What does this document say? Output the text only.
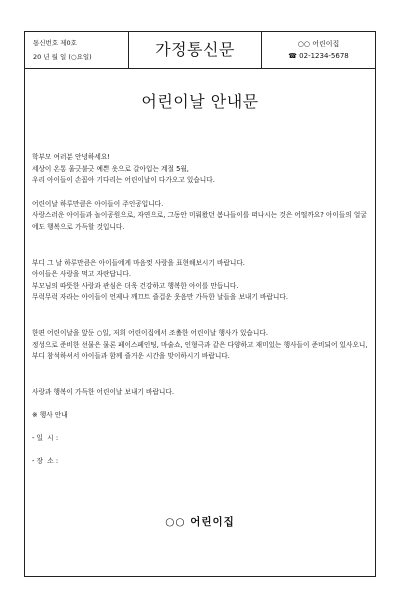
통신번호 제0호
20 년 월 일 (○요일)	가정통신문	○○ 어린이집
☎ 02-1234-5678
어린이날 안내문
학부모 여러분 안녕하세요!
세상이 온통 울긋불긋 예쁜 옷으로 갈아입는 계절 5월,
우리 아이들이 손꼽아 기다리는 어린이날이 다가오고 있습니다.
어린이날 하루만큼은 아이들이 주인공입니다.
사랑스러운 아이들과 놀이공원으로, 자연으로, 그동안 미뤄왔던 봄나들이를 떠나시는 것은 어떨까요? 아이들의 얼굴에도 행복으로 가득할 것입니다.
부디 그 날 하루만큼은 아이들에게 마음껏 사랑을 표현해보시기 바랍니다.
아이들은 사랑을 먹고 자란답니다.
부모님의 따뜻한 사랑과 관심은 더욱 건강하고 행복한 아이를 만듭니다.
무럭무럭 자라는 아이들이 언제나 깨끄트 즐겁운 웃음만 가득한 날들을 보내기 바랍니다.
한편 어린이날을 앞둔 ○일, 저희 어린이집에서 조촐한 어린이날 행사가 있습니다.
정성으로 준비한 선물은 물론 페이스페인팅, 마술쇼, 인형극과 같은 다양하고 재미있는 행사들이 준비되어 있사오니, 부디 참석하셔서 아이들과 함께 즐거운 시간을 맞이하시기 바랍니다.
사랑과 행복이 가득한 어린이날 보내기 바랍니다.
※ 행사 안내
- 일  시 :
- 장  소 :
○○ 어린이집
